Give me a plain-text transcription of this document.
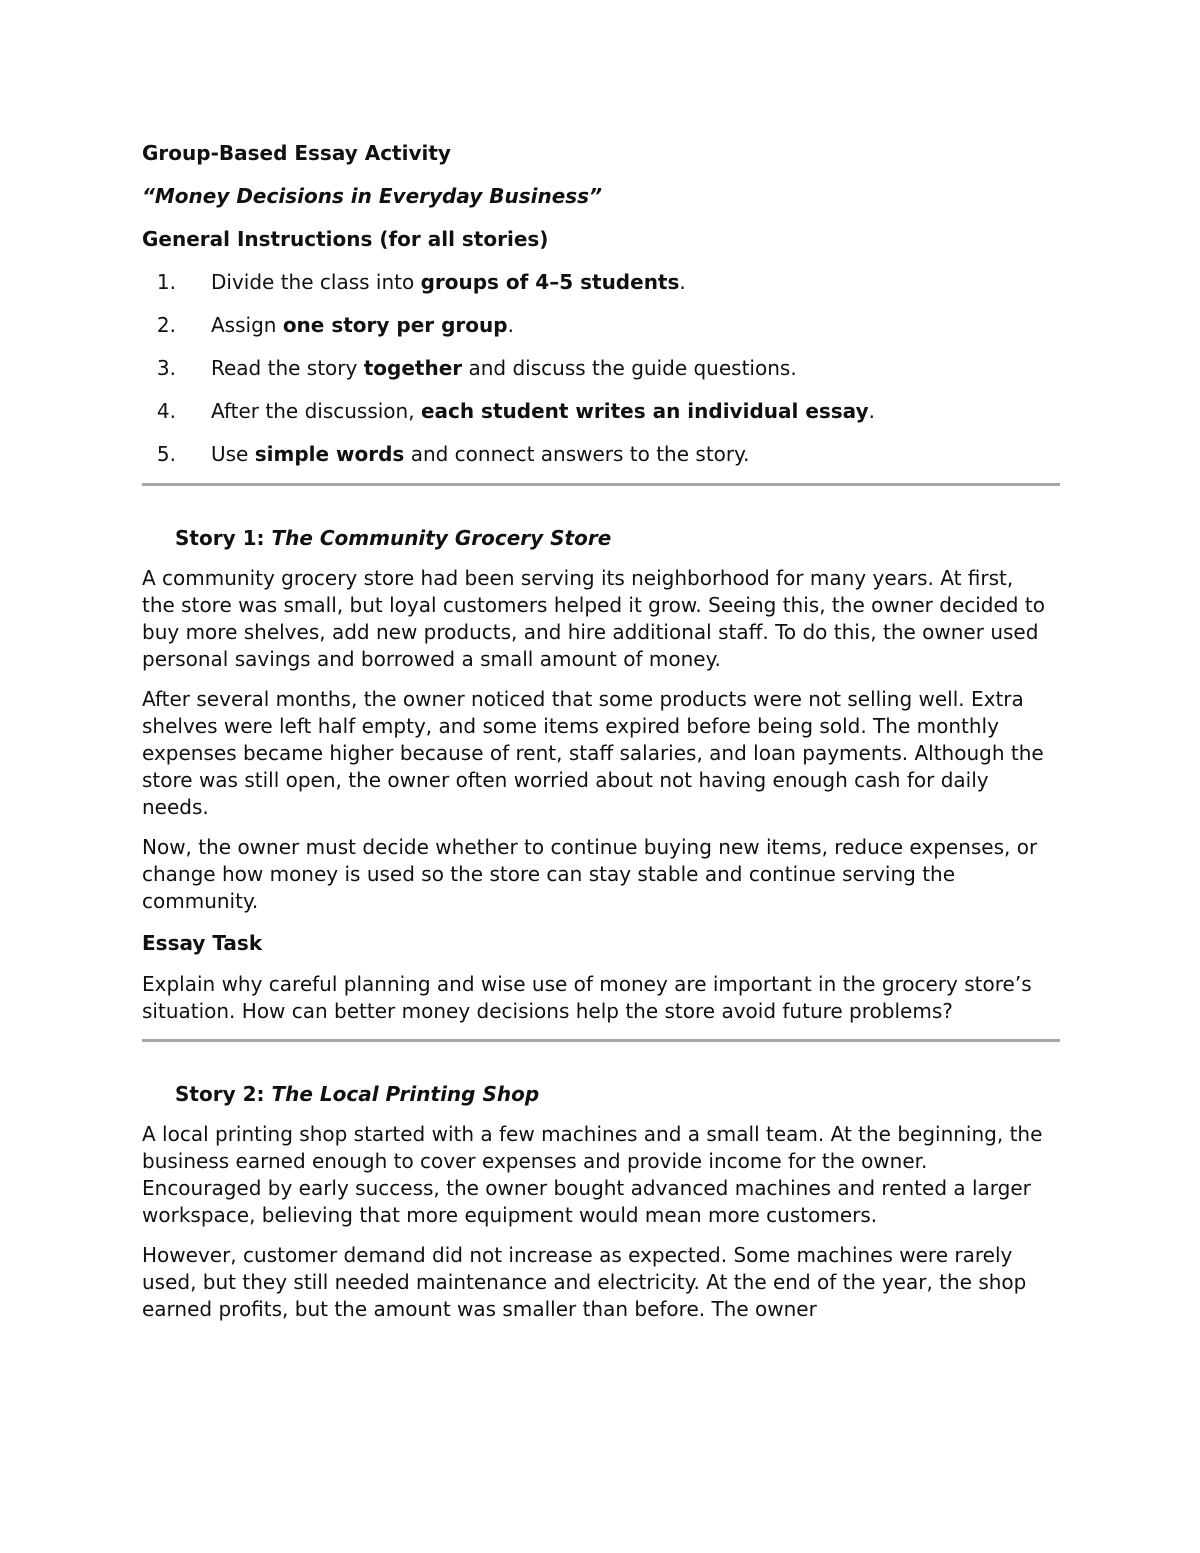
Group-Based Essay Activity

“Money Decisions in Everyday Business”

General Instructions (for all stories)

1. Divide the class into groups of 4–5 students.
2. Assign one story per group.
3. Read the story together and discuss the guide questions.
4. After the discussion, each student writes an individual essay.
5. Use simple words and connect answers to the story.

Story 1: The Community Grocery Store

A community grocery store had been serving its neighborhood for many years. At first, the store was small, but loyal customers helped it grow. Seeing this, the owner decided to buy more shelves, add new products, and hire additional staff. To do this, the owner used personal savings and borrowed a small amount of money.

After several months, the owner noticed that some products were not selling well. Extra shelves were left half empty, and some items expired before being sold. The monthly expenses became higher because of rent, staff salaries, and loan payments. Although the store was still open, the owner often worried about not having enough cash for daily needs.

Now, the owner must decide whether to continue buying new items, reduce expenses, or change how money is used so the store can stay stable and continue serving the community.

Essay Task

Explain why careful planning and wise use of money are important in the grocery store’s situation. How can better money decisions help the store avoid future problems?

Story 2: The Local Printing Shop

A local printing shop started with a few machines and a small team. At the beginning, the business earned enough to cover expenses and provide income for the owner. Encouraged by early success, the owner bought advanced machines and rented a larger workspace, believing that more equipment would mean more customers.

However, customer demand did not increase as expected. Some machines were rarely used, but they still needed maintenance and electricity. At the end of the year, the shop earned profits, but the amount was smaller than before. The owner
